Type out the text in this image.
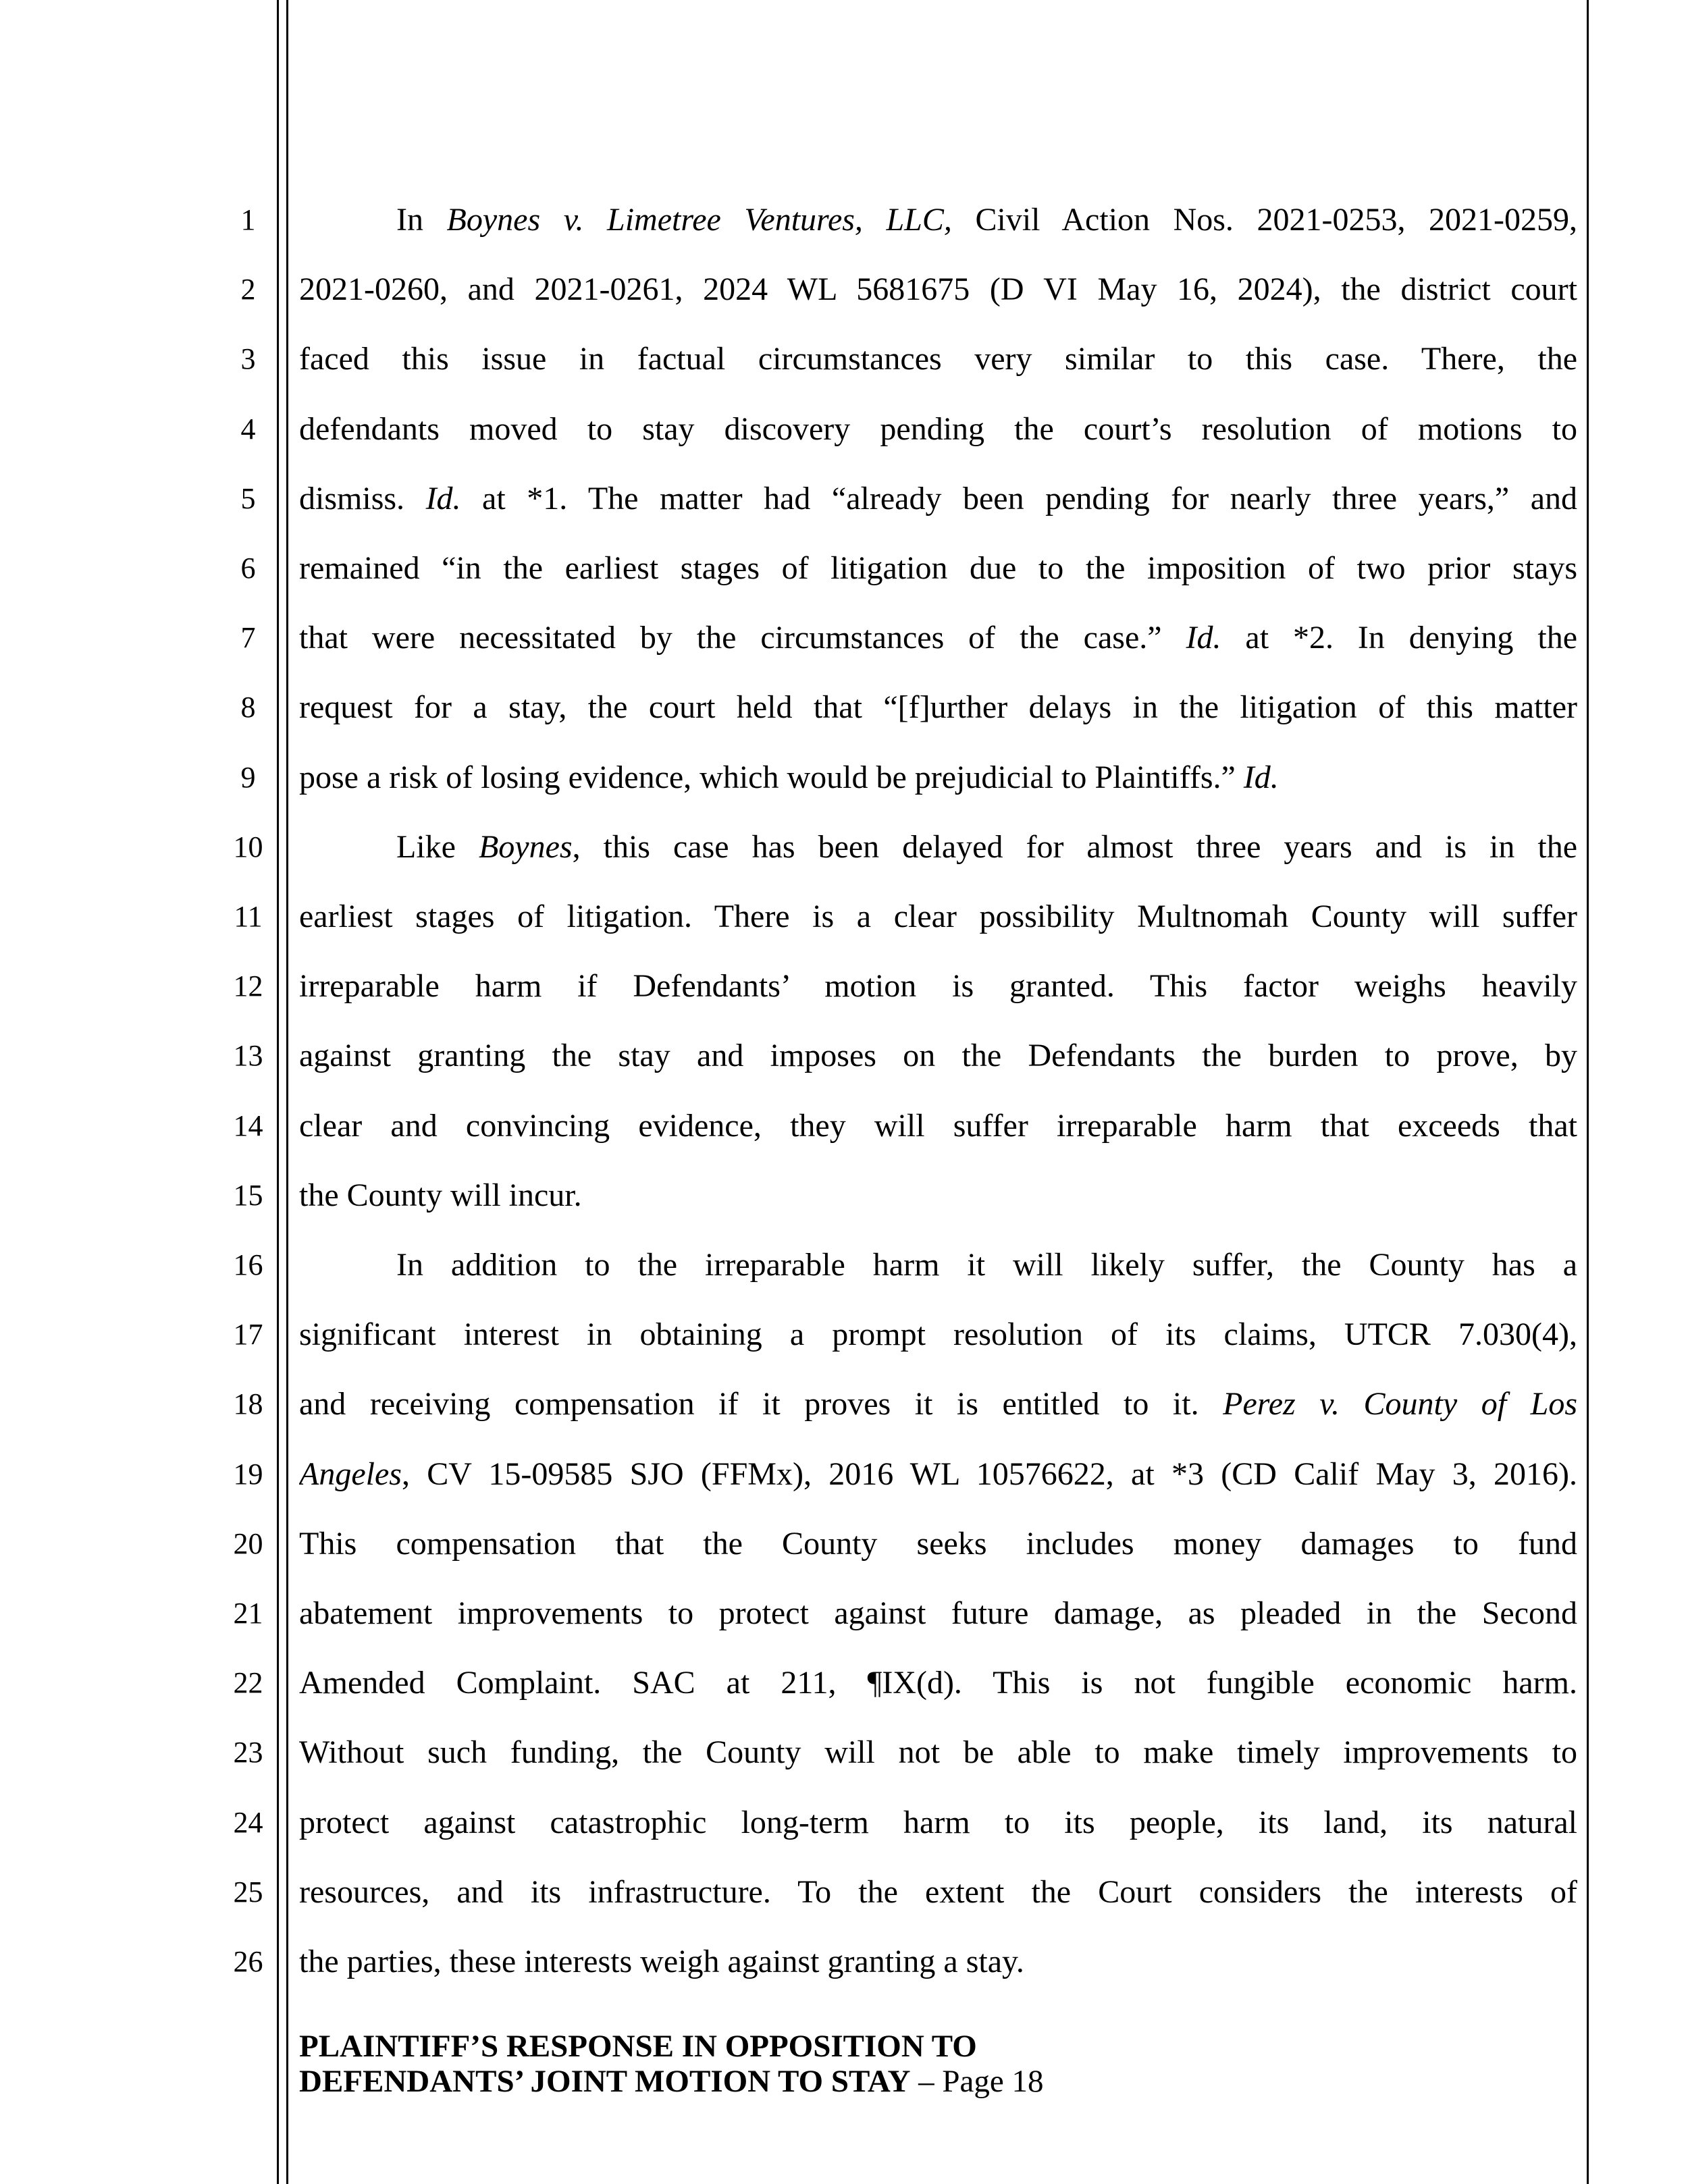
1
2
3
4
5
6
7
8
9
10
11
12
13
14
15
16
17
18
19
20
21
22
23
24
25
26
In Boynes v. Limetree Ventures, LLC, Civil Action Nos. 2021-0253, 2021-0259,
2021-0260, and 2021-0261, 2024 WL 5681675 (D VI May 16, 2024), the district court
faced this issue in factual circumstances very similar to this case. There, the
defendants moved to stay discovery pending the court’s resolution of motions to
dismiss. Id. at *1. The matter had “already been pending for nearly three years,” and
remained “in the earliest stages of litigation due to the imposition of two prior stays
that were necessitated by the circumstances of the case.” Id. at *2. In denying the
request for a stay, the court held that “[f]urther delays in the litigation of this matter
pose a risk of losing evidence, which would be prejudicial to Plaintiffs.” Id.
Like Boynes, this case has been delayed for almost three years and is in the
earliest stages of litigation. There is a clear possibility Multnomah County will suffer
irreparable harm if Defendants’ motion is granted. This factor weighs heavily
against granting the stay and imposes on the Defendants the burden to prove, by
clear and convincing evidence, they will suffer irreparable harm that exceeds that
the County will incur.
In addition to the irreparable harm it will likely suffer, the County has a
significant interest in obtaining a prompt resolution of its claims, UTCR 7.030(4),
and receiving compensation if it proves it is entitled to it. Perez v. County of Los
Angeles, CV 15-09585 SJO (FFMx), 2016 WL 10576622, at *3 (CD Calif May 3, 2016).
This compensation that the County seeks includes money damages to fund
abatement improvements to protect against future damage, as pleaded in the Second
Amended Complaint. SAC at 211, ¶IX(d). This is not fungible economic harm.
Without such funding, the County will not be able to make timely improvements to
protect against catastrophic long-term harm to its people, its land, its natural
resources, and its infrastructure. To the extent the Court considers the interests of
the parties, these interests weigh against granting a stay.
PLAINTIFF’S RESPONSE IN OPPOSITION TO
DEFENDANTS’ JOINT MOTION TO STAY – Page 18
